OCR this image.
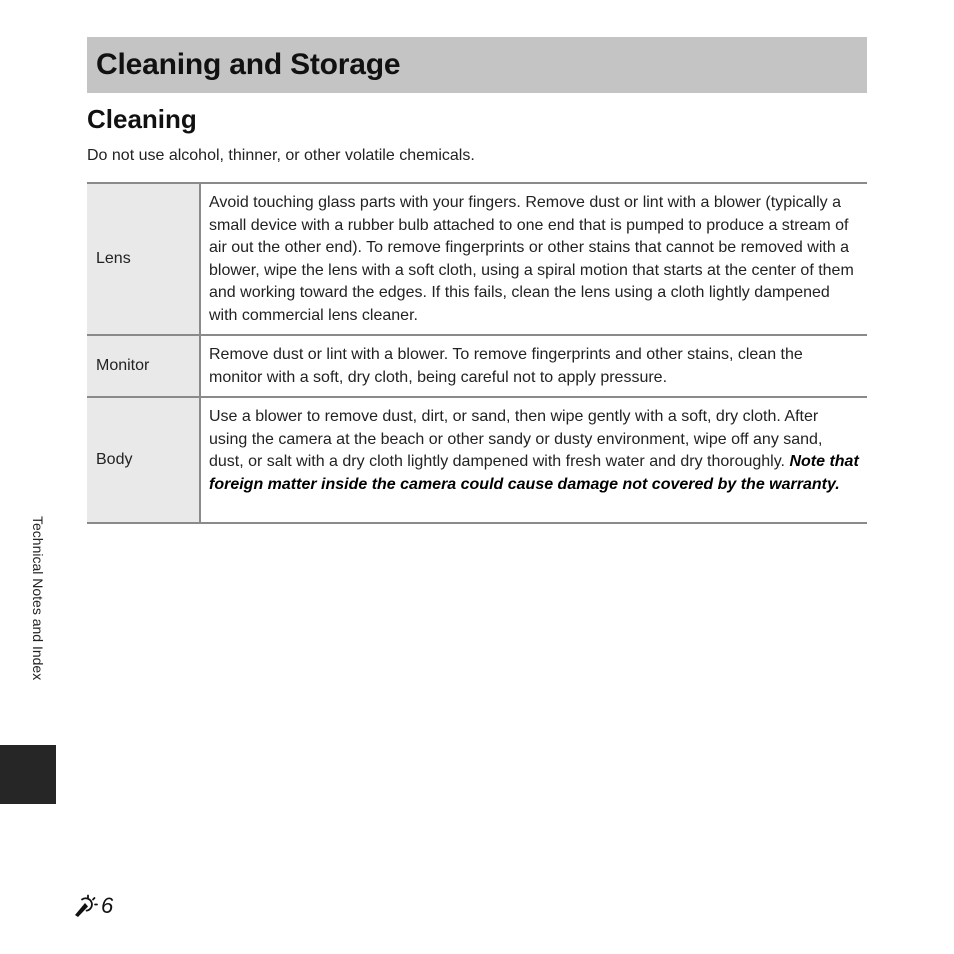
Cleaning and Storage
Cleaning

Do not use alcohol, thinner, or other volatile chemicals.

Lens	Avoid touching glass parts with your fingers. Remove dust or lint with a blower (typically a small device with a rubber bulb attached to one end that is pumped to produce a stream of air out the other end). To remove fingerprints or other stains that cannot be removed with a blower, wipe the lens with a soft cloth, using a spiral motion that starts at the center of them and working toward the edges. If this fails, clean the lens using a cloth lightly dampened with commercial lens cleaner.
Monitor	Remove dust or lint with a blower. To remove fingerprints and other stains, clean the monitor with a soft, dry cloth, being careful not to apply pressure.
Body	Use a blower to remove dust, dirt, or sand, then wipe gently with a soft, dry cloth. After using the camera at the beach or other sandy or dusty environment, wipe off any sand, dust, or salt with a dry cloth lightly dampened with fresh water and dry thoroughly. Note that foreign matter inside the camera could cause damage not covered by the warranty.
Technical Notes and Index
6
